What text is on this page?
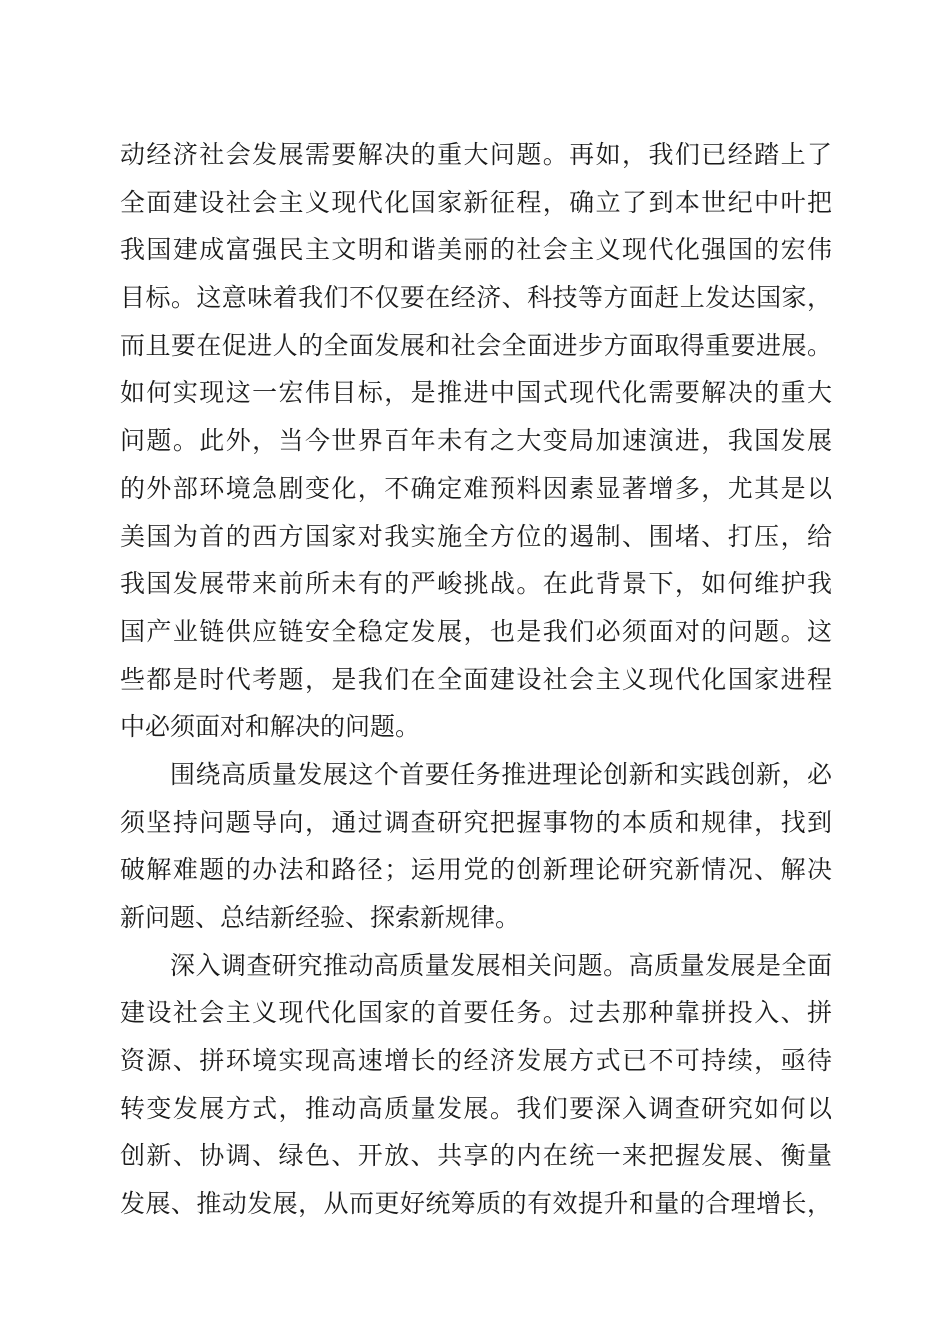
动经济社会发展需要解决的重大问题。再如，我们已经踏上了
全面建设社会主义现代化国家新征程，确立了到本世纪中叶把
我国建成富强民主文明和谐美丽的社会主义现代化强国的宏伟
目标。这意味着我们不仅要在经济、科技等方面赶上发达国家，
而且要在促进人的全面发展和社会全面进步方面取得重要进展。
如何实现这一宏伟目标，是推进中国式现代化需要解决的重大
问题。此外，当今世界百年未有之大变局加速演进，我国发展
的外部环境急剧变化，不确定难预料因素显著增多，尤其是以
美国为首的西方国家对我实施全方位的遏制、围堵、打压，给
我国发展带来前所未有的严峻挑战。在此背景下，如何维护我
国产业链供应链安全稳定发展，也是我们必须面对的问题。这
些都是时代考题，是我们在全面建设社会主义现代化国家进程
中必须面对和解决的问题。
围绕高质量发展这个首要任务推进理论创新和实践创新，必
须坚持问题导向，通过调查研究把握事物的本质和规律，找到
破解难题的办法和路径；运用党的创新理论研究新情况、解决
新问题、总结新经验、探索新规律。
深入调查研究推动高质量发展相关问题。高质量发展是全面
建设社会主义现代化国家的首要任务。过去那种靠拼投入、拼
资源、拼环境实现高速增长的经济发展方式已不可持续，亟待
转变发展方式，推动高质量发展。我们要深入调查研究如何以
创新、协调、绿色、开放、共享的内在统一来把握发展、衡量
发展、推动发展，从而更好统筹质的有效提升和量的合理增长，
